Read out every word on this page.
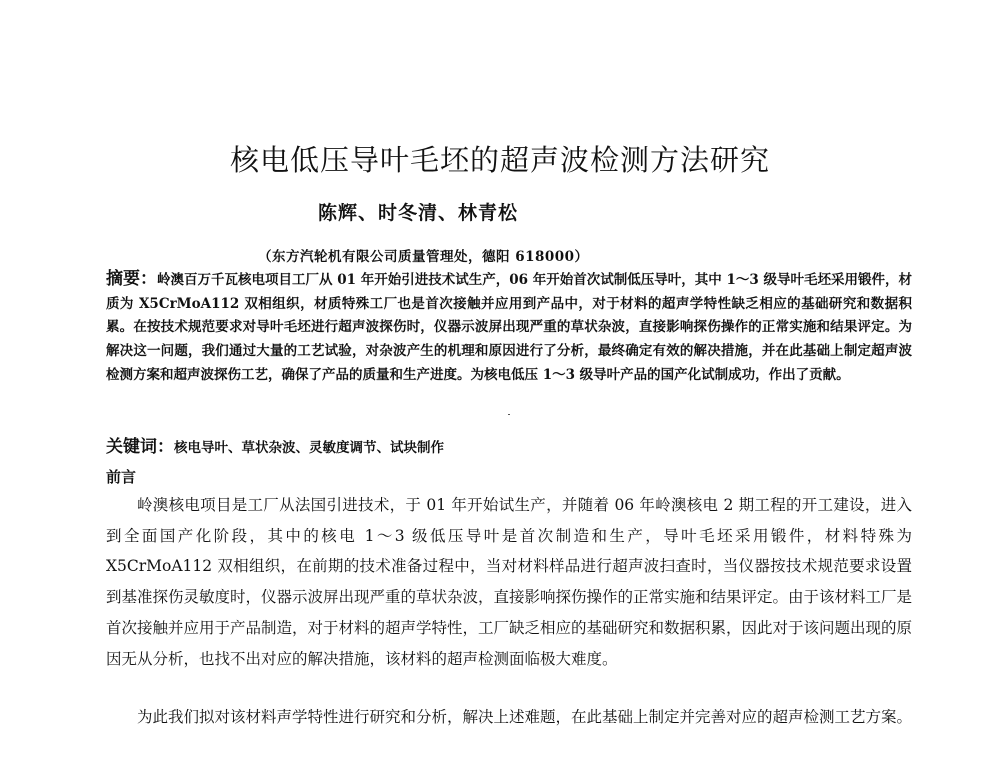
核电低压导叶毛坯的超声波检测方法研究
陈辉、时冬清、林青松
（东方汽轮机有限公司质量管理处，德阳 618000）

摘要：岭澳百万千瓦核电项目工厂从 01 年开始引进技术试生产，06 年开始首次试制低压导叶，其中 1～3 级导叶毛坯采用锻件，材质为 X5CrMoA112 双相组织，材质特殊工厂也是首次接触并应用到产品中，对于材料的超声学特性缺乏相应的基础研究和数据积累。在按技术规范要求对导叶毛坯进行超声波探伤时，仪器示波屏出现严重的草状杂波，直接影响探伤操作的正常实施和结果评定。为解决这一问题，我们通过大量的工艺试验，对杂波产生的机理和原因进行了分析，最终确定有效的解决措施，并在此基础上制定超声波检测方案和超声波探伤工艺，确保了产品的质量和生产进度。为核电低压 1～3 级导叶产品的国产化试制成功，作出了贡献。

关键词：核电导叶、草状杂波、灵敏度调节、试块制作

前言

岭澳核电项目是工厂从法国引进技术，于 01 年开始试生产，并随着 06 年岭澳核电 2 期工程的开工建设，进入到全面国产化阶段，其中的核电 1～3 级低压导叶是首次制造和生产，导叶毛坯采用锻件，材料特殊为 X5CrMoA112 双相组织，在前期的技术准备过程中，当对材料样品进行超声波扫查时，当仪器按技术规范要求设置到基准探伤灵敏度时，仪器示波屏出现严重的草状杂波，直接影响探伤操作的正常实施和结果评定。由于该材料工厂是首次接触并应用于产品制造，对于材料的超声学特性，工厂缺乏相应的基础研究和数据积累，因此对于该问题出现的原因无从分析，也找不出对应的解决措施，该材料的超声检测面临极大难度。

为此我们拟对该材料声学特性进行研究和分析，解决上述难题，在此基础上制定并完善对应的超声检测工艺方案。
